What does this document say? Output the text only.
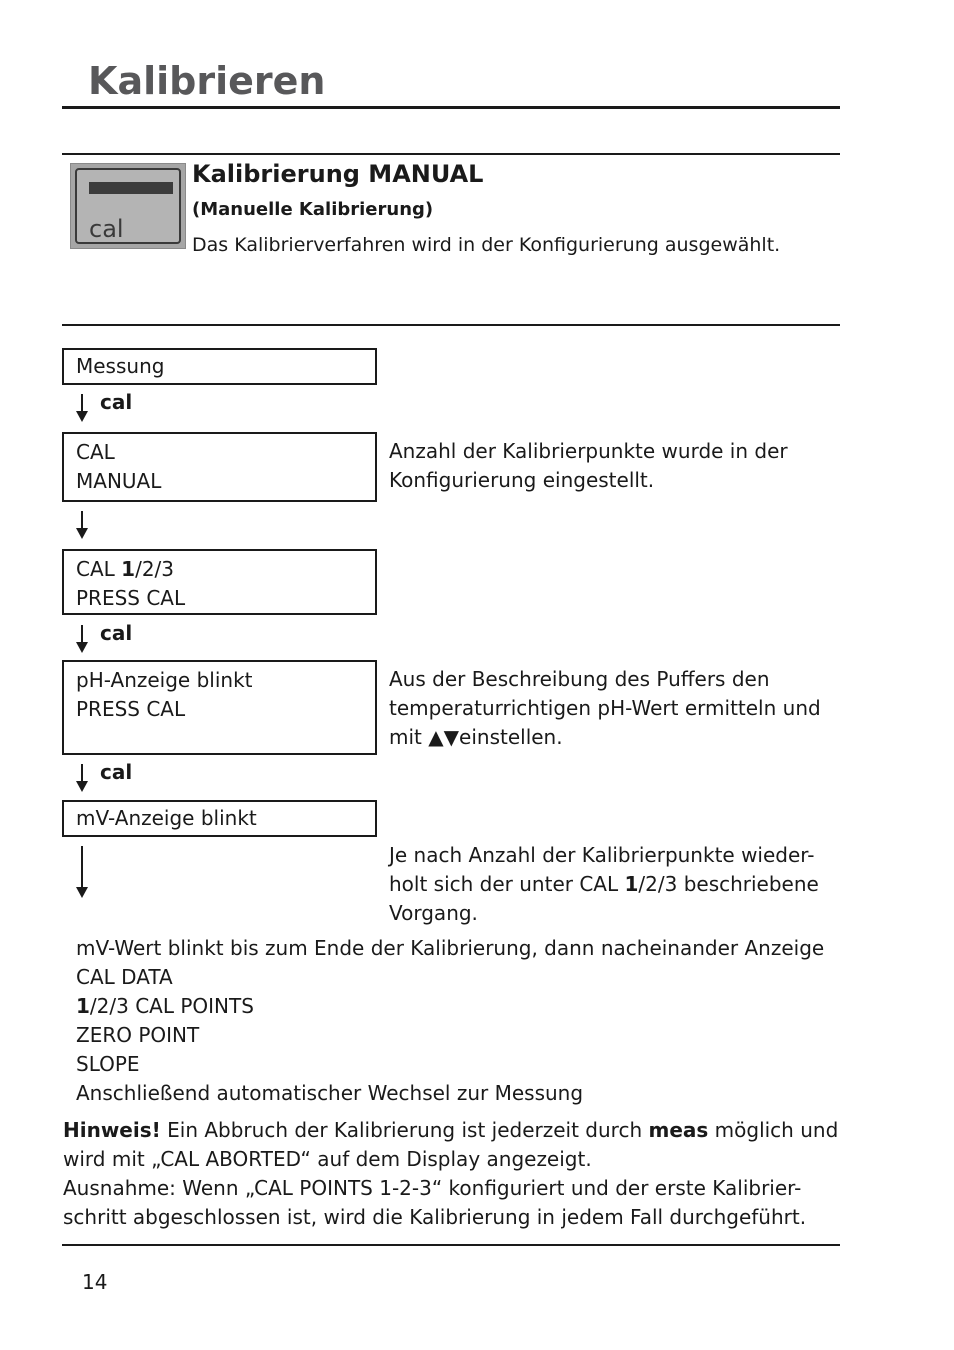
Kalibrieren
cal
Kalibrierung MANUAL
(Manuelle Kalibrierung)
Das Kalibrierverfahren wird in der Konfigurierung ausgewählt.
Messung
cal
CAL
MANUAL
Anzahl der Kalibrierpunkte wurde in der
Konfigurierung eingestellt.
CAL 1/2/3
PRESS CAL
cal
pH-Anzeige blinkt
PRESS CAL
Aus der Beschreibung des Puffers den
temperaturrichtigen pH-Wert ermitteln und
mit ▲▼einstellen.
cal
mV-Anzeige blinkt
Je nach Anzahl der Kalibrierpunkte wieder-
holt sich der unter CAL 1/2/3 beschriebene
Vorgang.
mV-Wert blinkt bis zum Ende der Kalibrierung, dann nacheinander Anzeige
CAL DATA
1/2/3 CAL POINTS
ZERO POINT
SLOPE
Anschließend automatischer Wechsel zur Messung
Hinweis! Ein Abbruch der Kalibrierung ist jederzeit durch meas möglich und
wird mit „CAL ABORTED“ auf dem Display angezeigt.
Ausnahme: Wenn „CAL POINTS 1-2-3“ konfiguriert und der erste Kalibrier-
schritt abgeschlossen ist, wird die Kalibrierung in jedem Fall durchgeführt.
14
